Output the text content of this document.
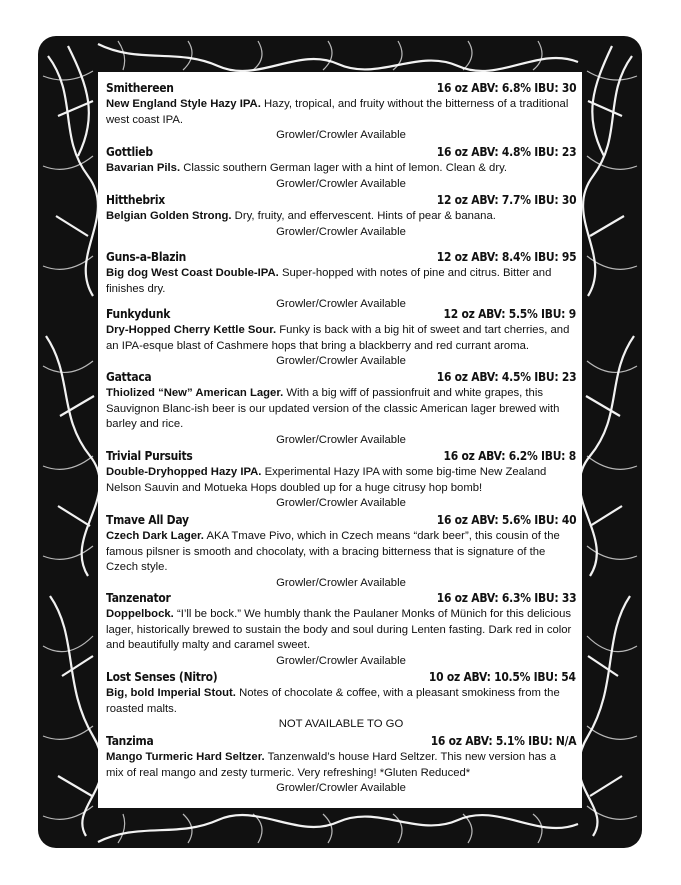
Smithereen	16 oz ABV: 6.8% IBU: 30
New England Style Hazy IPA. Hazy, tropical, and fruity without the bitterness of a traditional west coast IPA.
Growler/Crowler Available
Gottlieb	16 oz ABV: 4.8% IBU: 23
Bavarian Pils. Classic southern German lager with a hint of lemon. Clean & dry.
Growler/Crowler Available
Hitthebrix	12 oz ABV: 7.7% IBU: 30
Belgian Golden Strong. Dry, fruity, and effervescent. Hints of pear & banana.
Growler/Crowler Available
Guns-a-Blazin	12 oz ABV: 8.4% IBU: 95
Big dog West Coast Double-IPA. Super-hopped with notes of pine and citrus. Bitter and finishes dry.
Growler/Crowler Available
Funkydunk	12 oz ABV: 5.5% IBU: 9
Dry-Hopped Cherry Kettle Sour. Funky is back with a big hit of sweet and tart cherries, and an IPA-esque blast of Cashmere hops that bring a blackberry and red currant aroma.
Growler/Crowler Available
Gattaca	16 oz ABV: 4.5% IBU: 23
Thiolized “New” American Lager. With a big wiff of passionfruit and white grapes, this Sauvignon Blanc-ish beer is our updated version of the classic American lager brewed with barley and rice.
Growler/Crowler Available
Trivial Pursuits	16 oz ABV: 6.2% IBU: 8
Double-Dryhopped Hazy IPA. Experimental Hazy IPA with some big-time New Zealand Nelson Sauvin and Motueka Hops doubled up for a huge citrusy hop bomb!
Growler/Crowler Available
Tmave All Day	16 oz ABV: 5.6% IBU: 40
Czech Dark Lager. AKA Tmave Pivo, which in Czech means “dark beer”, this cousin of the famous pilsner is smooth and chocolaty, with a bracing bitterness that is signature of the Czech style.
Growler/Crowler Available
Tanzenator	16 oz ABV: 6.3% IBU: 33
Doppelbock. “I’ll be bock.” We humbly thank the Paulaner Monks of Münich for this delicious lager, historically brewed to sustain the body and soul during Lenten fasting. Dark red in color and beautifully malty and caramel sweet.
Growler/Crowler Available
Lost Senses (Nitro)	10 oz ABV: 10.5% IBU: 54
Big, bold Imperial Stout. Notes of chocolate & coffee, with a pleasant smokiness from the roasted malts.
NOT AVAILABLE TO GO
Tanzima	16 oz ABV: 5.1% IBU: N/A
Mango Turmeric Hard Seltzer. Tanzenwald’s house Hard Seltzer. This new version has a mix of real mango and zesty turmeric. Very refreshing! *Gluten Reduced*
Growler/Crowler Available
